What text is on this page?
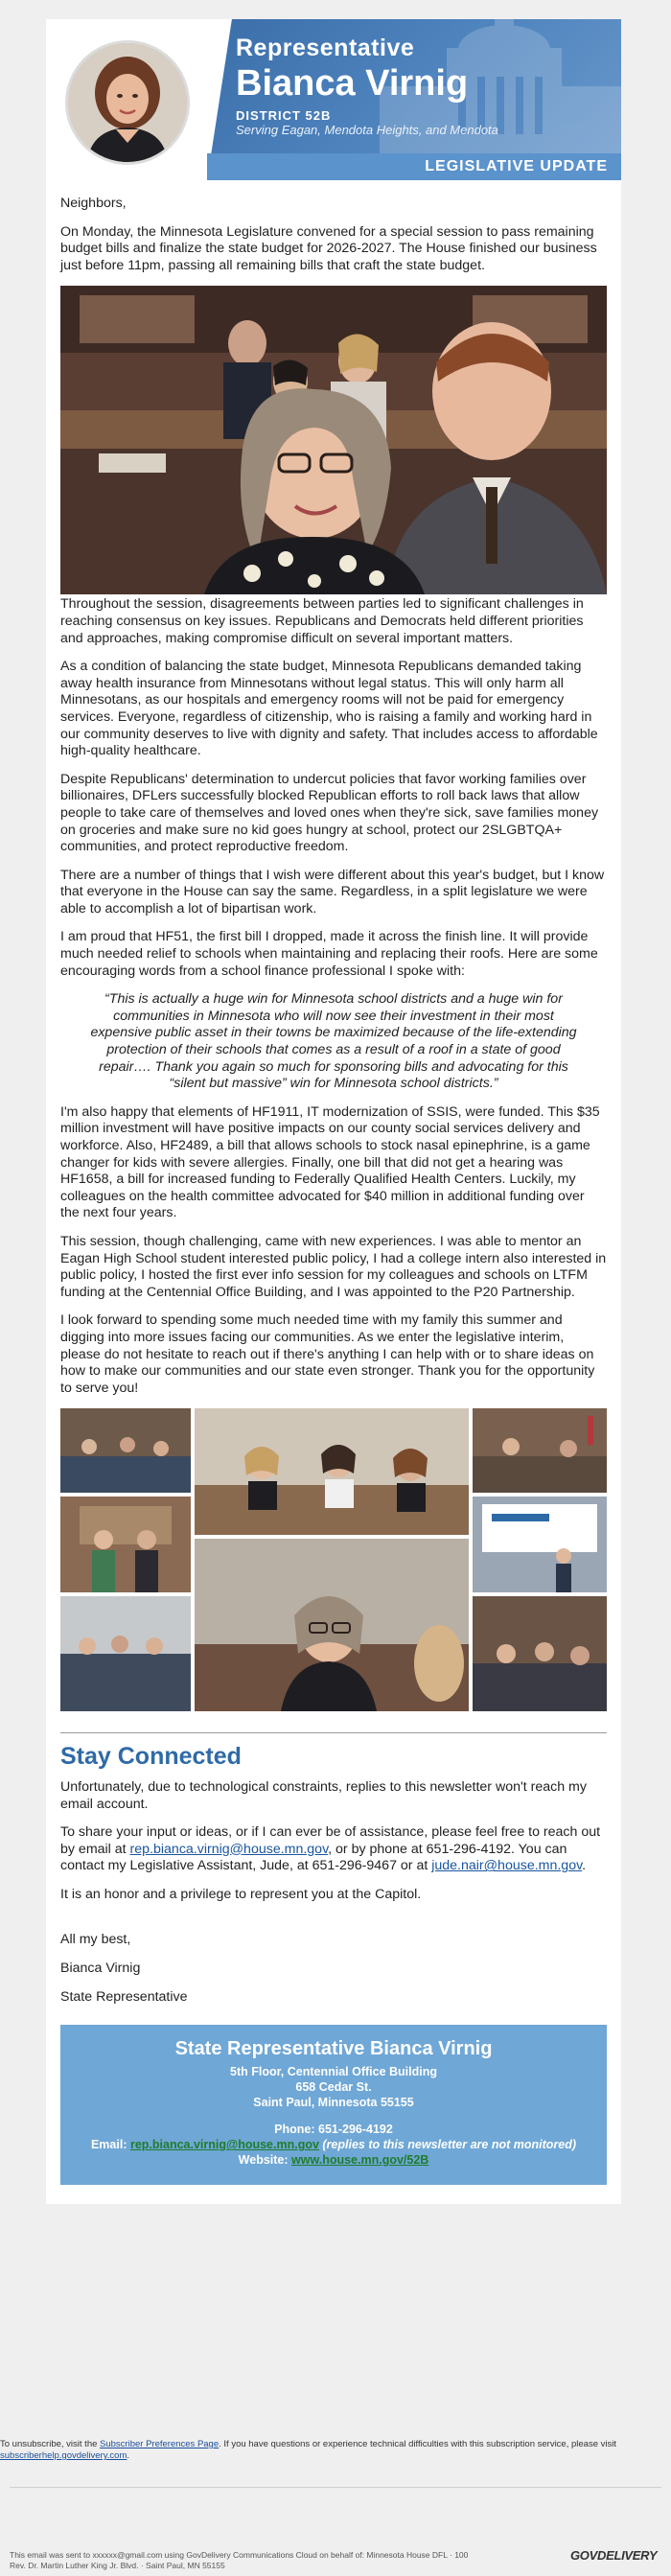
Representative
Bianca Virnig
DISTRICT 52B
Serving Eagan, Mendota Heights, and Mendota
LEGISLATIVE UPDATE

Neighbors,

On Monday, the Minnesota Legislature convened for a special session to pass remaining budget bills and finalize the state budget for 2026-2027. The House finished our business just before 11pm, passing all remaining bills that craft the state budget.

Throughout the session, disagreements between parties led to significant challenges in reaching consensus on key issues. Republicans and Democrats held different priorities and approaches, making compromise difficult on several important matters.

As a condition of balancing the state budget, Minnesota Republicans demanded taking away health insurance from Minnesotans without legal status. This will only harm all Minnesotans, as our hospitals and emergency rooms will not be paid for emergency services. Everyone, regardless of citizenship, who is raising a family and working hard in our community deserves to live with dignity and safety. That includes access to affordable high-quality healthcare.

Despite Republicans' determination to undercut policies that favor working families over billionaires, DFLers successfully blocked Republican efforts to roll back laws that allow people to take care of themselves and loved ones when they're sick, save families money on groceries and make sure no kid goes hungry at school, protect our 2SLGBTQA+ communities, and protect reproductive freedom.

There are a number of things that I wish were different about this year's budget, but I know that everyone in the House can say the same. Regardless, in a split legislature we were able to accomplish a lot of bipartisan work.

I am proud that HF51, the first bill I dropped, made it across the finish line. It will provide much needed relief to schools when maintaining and replacing their roofs. Here are some encouraging words from a school finance professional I spoke with:

“This is actually a huge win for Minnesota school districts and a huge win for communities in Minnesota who will now see their investment in their most expensive public asset in their towns be maximized because of the life-extending protection of their schools that comes as a result of a roof in a state of good repair…. Thank you again so much for sponsoring bills and advocating for this “silent but massive” win for Minnesota school districts.”

I'm also happy that elements of HF1911, IT modernization of SSIS, were funded. This $35 million investment will have positive impacts on our county social services delivery and workforce. Also, HF2489, a bill that allows schools to stock nasal epinephrine, is a game changer for kids with severe allergies. Finally, one bill that did not get a hearing was HF1658, a bill for increased funding to Federally Qualified Health Centers. Luckily, my colleagues on the health committee advocated for $40 million in additional funding over the next four years.

This session, though challenging, came with new experiences. I was able to mentor an Eagan High School student interested public policy, I had a college intern also interested in public policy, I hosted the first ever info session for my colleagues and schools on LTFM funding at the Centennial Office Building, and I was appointed to the P20 Partnership.

I look forward to spending some much needed time with my family this summer and digging into more issues facing our communities. As we enter the legislative interim, please do not hesitate to reach out if there's anything I can help with or to share ideas on how to make our communities and our state even stronger. Thank you for the opportunity to serve you!

Stay Connected

Unfortunately, due to technological constraints, replies to this newsletter won't reach my email account.

To share your input or ideas, or if I can ever be of assistance, please feel free to reach out by email at rep.bianca.virnig@house.mn.gov, or by phone at 651-296-4192. You can contact my Legislative Assistant, Jude, at 651-296-9467 or at jude.nair@house.mn.gov.

It is an honor and a privilege to represent you at the Capitol.

All my best,

Bianca Virnig

State Representative

State Representative Bianca Virnig
5th Floor, Centennial Office Building
658 Cedar St.
Saint Paul, Minnesota 55155
Phone: 651-296-4192
Email: rep.bianca.virnig@house.mn.gov (replies to this newsletter are not monitored)
Website: www.house.mn.gov/52B
To unsubscribe, visit the Subscriber Preferences Page. If you have questions or experience technical difficulties with this subscription service, please visit subscriberhelp.govdelivery.com.
This email was sent to xxxxxx@gmail.com using GovDelivery Communications Cloud on behalf of: Minnesota House DFL · 100
Rev. Dr. Martin Luther King Jr. Blvd. · Saint Paul, MN 55155
GOVDELIVERY
